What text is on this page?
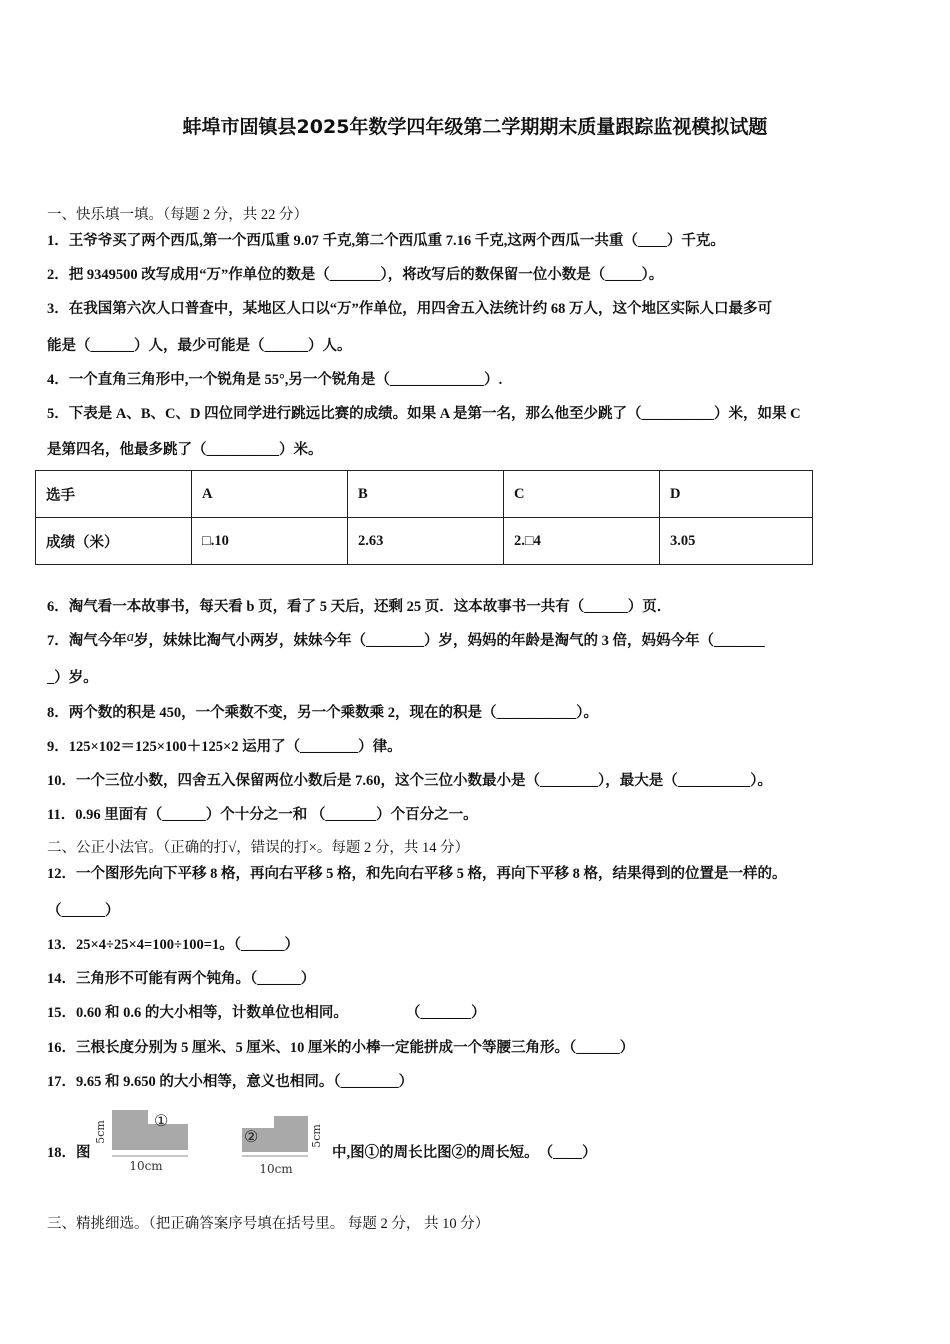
蚌埠市固镇县2025年数学四年级第二学期期末质量跟踪监视模拟试题
一、快乐填一填。（每题 2 分，共 22 分）
1．王爷爷买了两个西瓜,第一个西瓜重 9.07 千克,第二个西瓜重 7.16 千克,这两个西瓜一共重（____）千克。
2．把 9349500 改写成用“万”作单位的数是（_______），将改写后的数保留一位小数是（_____）。
3．在我国第六次人口普查中，某地区人口以“万”作单位，用四舍五入法统计约 68 万人，这个地区实际人口最多可
能是（______）人，最少可能是（______）人。
4．一个直角三角形中,一个锐角是 55°,另一个锐角是（_____________）.
5．下表是 A、B、C、D 四位同学进行跳远比赛的成绩。如果 A 是第一名，那么他至少跳了（__________）米，如果 C
是第四名，他最多跳了（__________）米。
选手	A	B	C	D
成绩（米）	□.10	2.63	2.□4	3.05
6．淘气看一本故事书，每天看 b 页，看了 5 天后，还剩 25 页．这本故事书一共有（______）页．
7．淘气今年a岁，妹妹比淘气小两岁，妹妹今年（________）岁，妈妈的年龄是淘气的 3 倍，妈妈今年（_______
_）岁。
8．两个数的积是 450，一个乘数不变，另一个乘数乘 2，现在的积是（___________）。
9．125×102＝125×100＋125×2 运用了（________）律。
10．一个三位小数，四舍五入保留两位小数后是 7.60，这个三位小数最小是（________），最大是（__________）。
11．0.96 里面有（______）个十分之一和 （_______）个百分之一。
二、公正小法官。（正确的打√，错误的打×。每题 2 分，共 14 分）
12．一个图形先向下平移 8 格，再向右平移 5 格，和先向右平移 5 格，再向下平移 8 格，结果得到的位置是一样的。
（______）
13．25×4÷25×4=100÷100=1。（______）
14．三角形不可能有两个钝角。（______）
15．0.60 和 0.6 的大小相等，计数单位也相同。　　　　　（_______）
16．三根长度分别为 5 厘米、5 厘米、10 厘米的小棒一定能拼成一个等腰三角形。（______）
17．9.65 和 9.650 的大小相等，意义也相同。（________）
18．图
①
5cm
10cm
②	5cm
10cm
中,图①的周长比图②的周长短。　（____）
三、精挑细选。（把正确答案序号填在括号里。 每题 2 分， 共 10 分）
